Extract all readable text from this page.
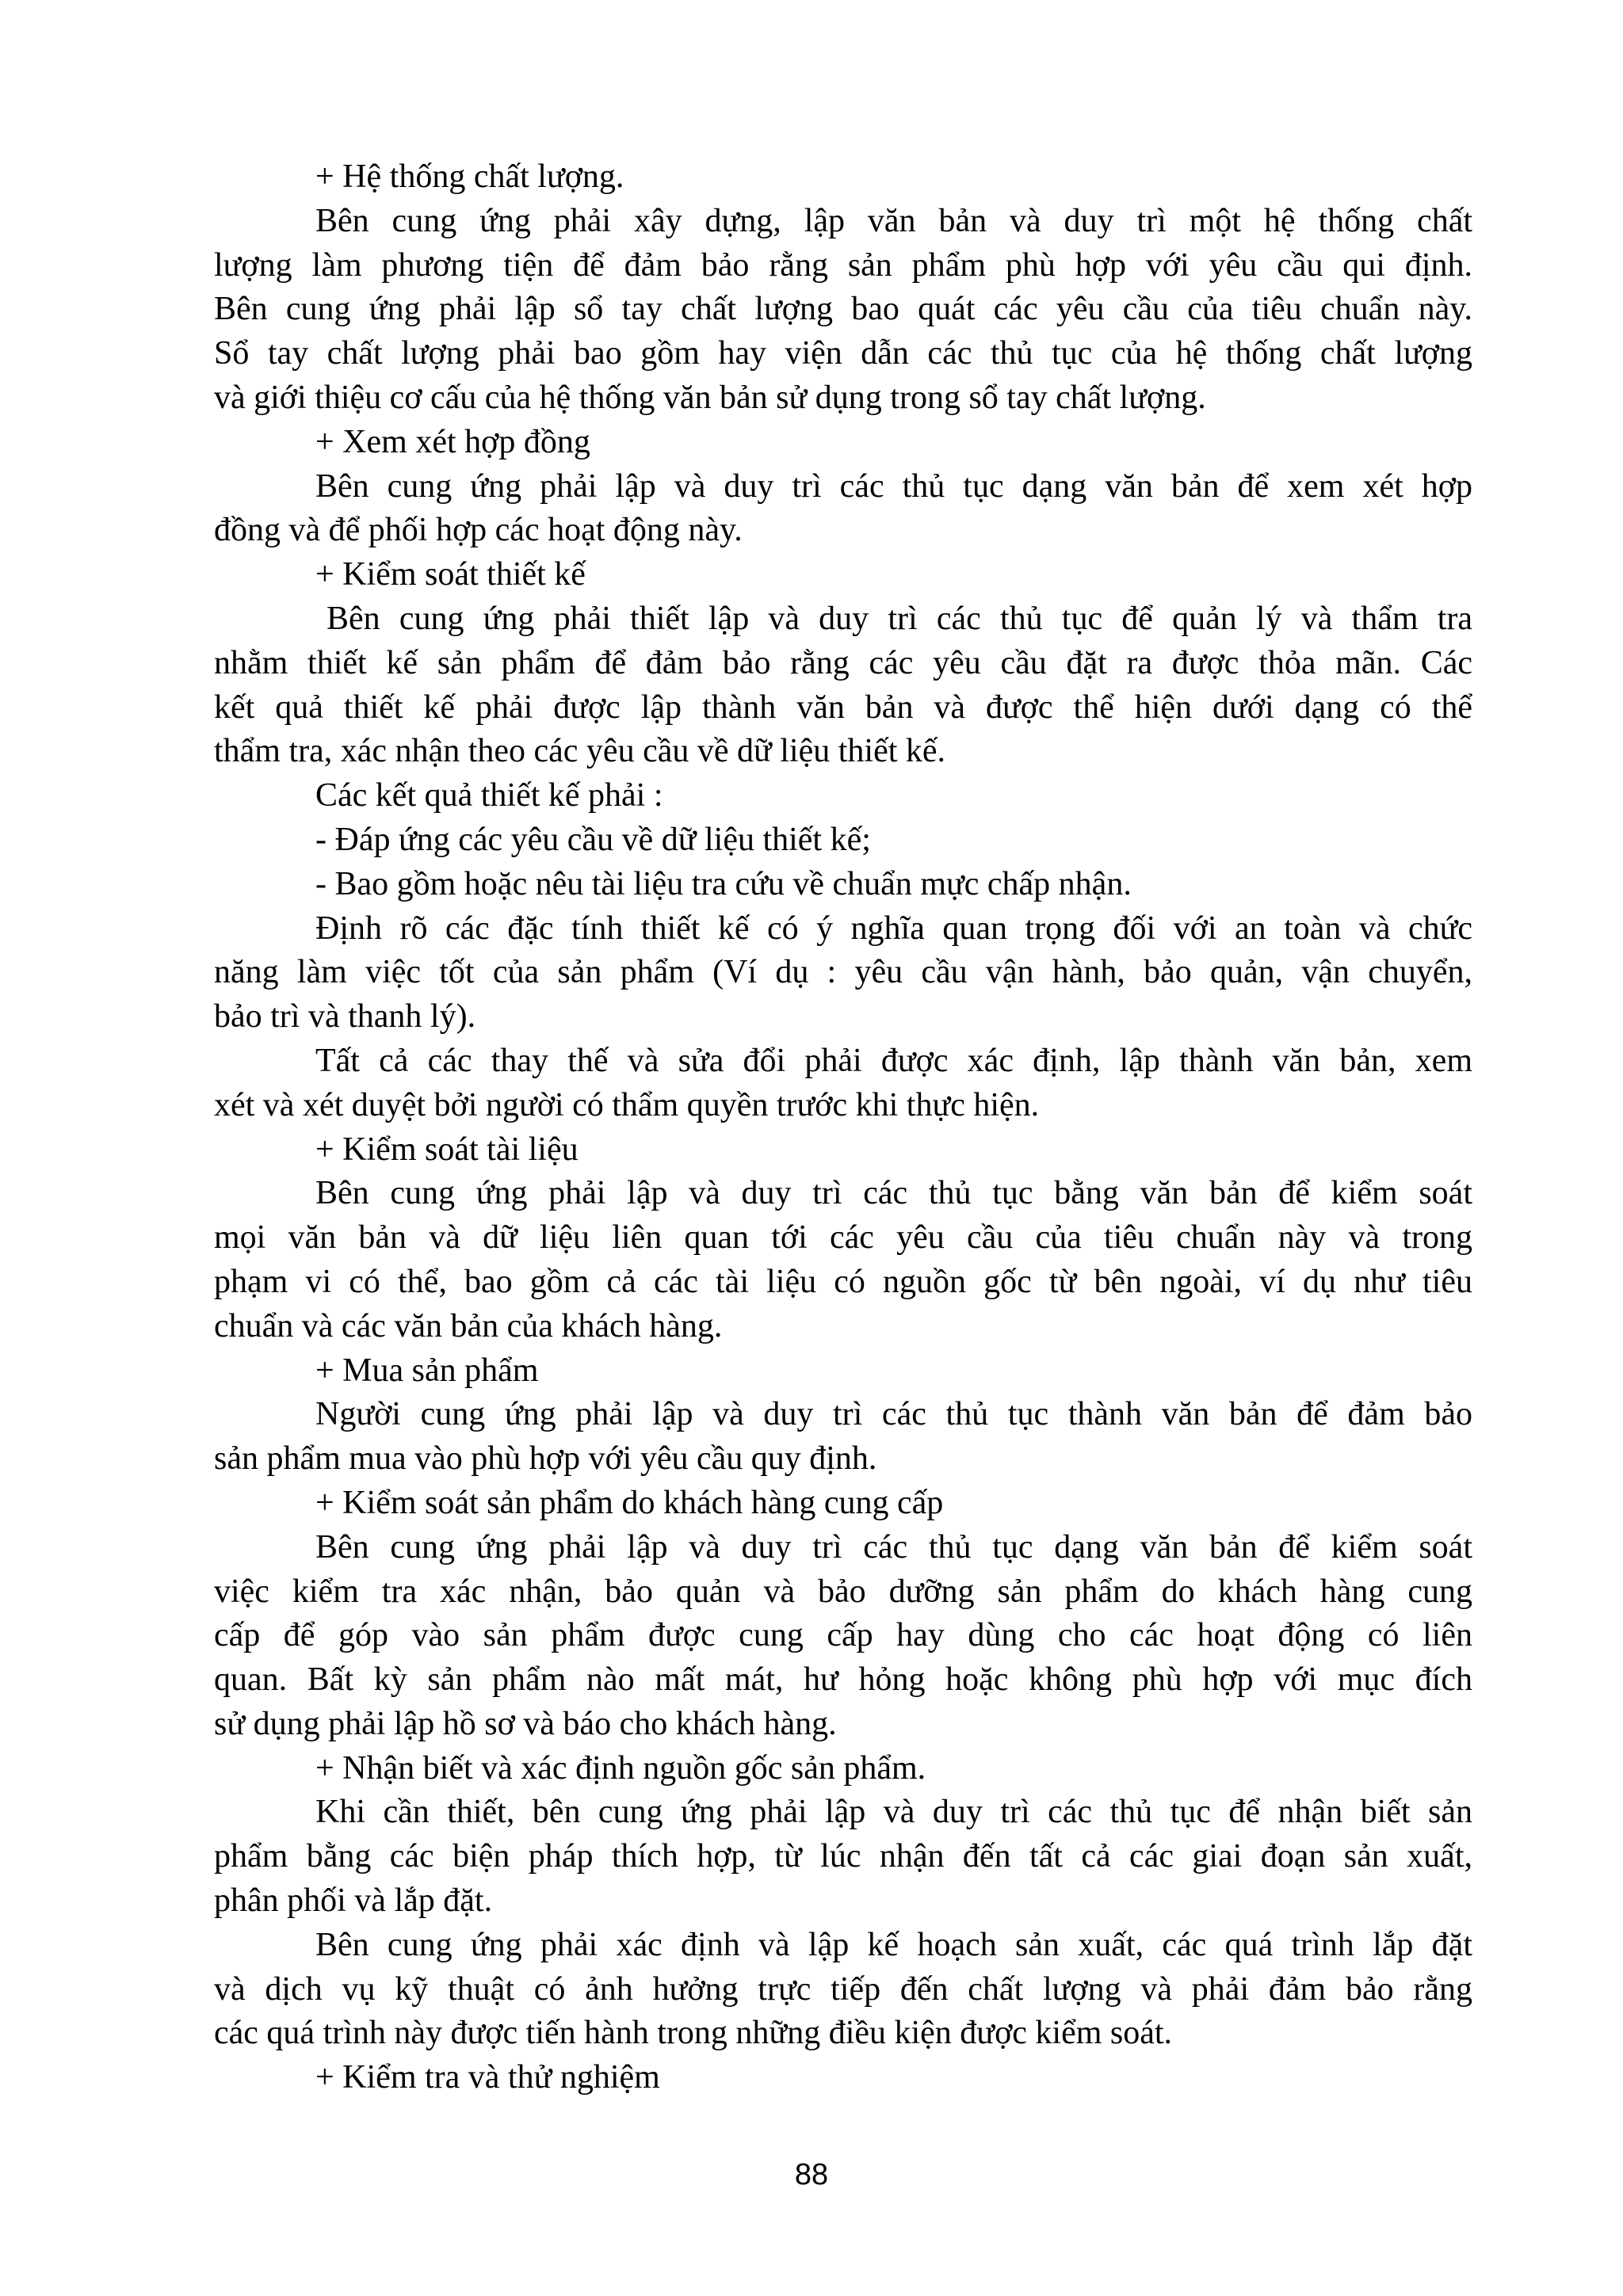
+ Hệ thống chất lượng.
Bên cung ứng phải xây dựng, lập văn bản và duy trì một hệ thống chất
lượng làm phương tiện để đảm bảo rằng sản phẩm phù hợp với yêu cầu qui định.
Bên cung ứng phải lập sổ tay chất lượng bao quát các yêu cầu của tiêu chuẩn này.
Sổ tay chất lượng phải bao gồm hay viện dẫn các thủ tục của hệ thống chất lượng
và giới thiệu cơ cấu của hệ thống văn bản sử dụng trong sổ tay chất lượng.
+ Xem xét hợp đồng
Bên cung ứng phải lập và duy trì các thủ tục dạng văn bản để xem xét hợp
đồng và để phối hợp các hoạt động này.
+ Kiểm soát thiết kế
Bên cung ứng phải thiết lập và duy trì các thủ tục để quản lý và thẩm tra
nhằm thiết kế sản phẩm để đảm bảo rằng các yêu cầu đặt ra được thỏa mãn. Các
kết quả thiết kế phải được lập thành văn bản và được thể hiện dưới dạng có thể
thẩm tra, xác nhận theo các yêu cầu về dữ liệu thiết kế.
Các kết quả thiết kế phải :
- Đáp ứng các yêu cầu về dữ liệu thiết kế;
- Bao gồm hoặc nêu tài liệu tra cứu về chuẩn mực chấp nhận.
Định rõ các đặc tính thiết kế có ý nghĩa quan trọng đối với an toàn và chức
năng làm việc tốt của sản phẩm (Ví dụ : yêu cầu vận hành, bảo quản, vận chuyển,
bảo trì và thanh lý).
Tất cả các thay thế và sửa đổi phải được xác định, lập thành văn bản, xem
xét và xét duyệt bởi người có thẩm quyền trước khi thực hiện.
+ Kiểm soát tài liệu
Bên cung ứng phải lập và duy trì các thủ tục bằng văn bản để kiểm soát
mọi văn bản và dữ liệu liên quan tới các yêu cầu của tiêu chuẩn này và trong
phạm vi có thể, bao gồm cả các tài liệu có nguồn gốc từ bên ngoài, ví dụ như tiêu
chuẩn và các văn bản của khách hàng.
+ Mua sản phẩm
Người cung ứng phải lập và duy trì các thủ tục thành văn bản để đảm bảo
sản phẩm mua vào phù hợp với yêu cầu quy định.
+ Kiểm soát sản phẩm do khách hàng cung cấp
Bên cung ứng phải lập và duy trì các thủ tục dạng văn bản để kiểm soát
việc kiểm tra xác nhận, bảo quản và bảo dưỡng sản phẩm do khách hàng cung
cấp để góp vào sản phẩm được cung cấp hay dùng cho các hoạt động có liên
quan. Bất kỳ sản phẩm nào mất mát, hư hỏng hoặc không phù hợp với mục đích
sử dụng phải lập hồ sơ và báo cho khách hàng.
+ Nhận biết và xác định nguồn gốc sản phẩm.
Khi cần thiết, bên cung ứng phải lập và duy trì các thủ tục để nhận biết sản
phẩm bằng các biện pháp thích hợp, từ lúc nhận đến tất cả các giai đoạn sản xuất,
phân phối và lắp đặt.
Bên cung ứng phải xác định và lập kế hoạch sản xuất, các quá trình lắp đặt
và dịch vụ kỹ thuật có ảnh hưởng trực tiếp đến chất lượng và phải đảm bảo rằng
các quá trình này được tiến hành trong những điều kiện được kiểm soát.
+ Kiểm tra và thử nghiệm
88
